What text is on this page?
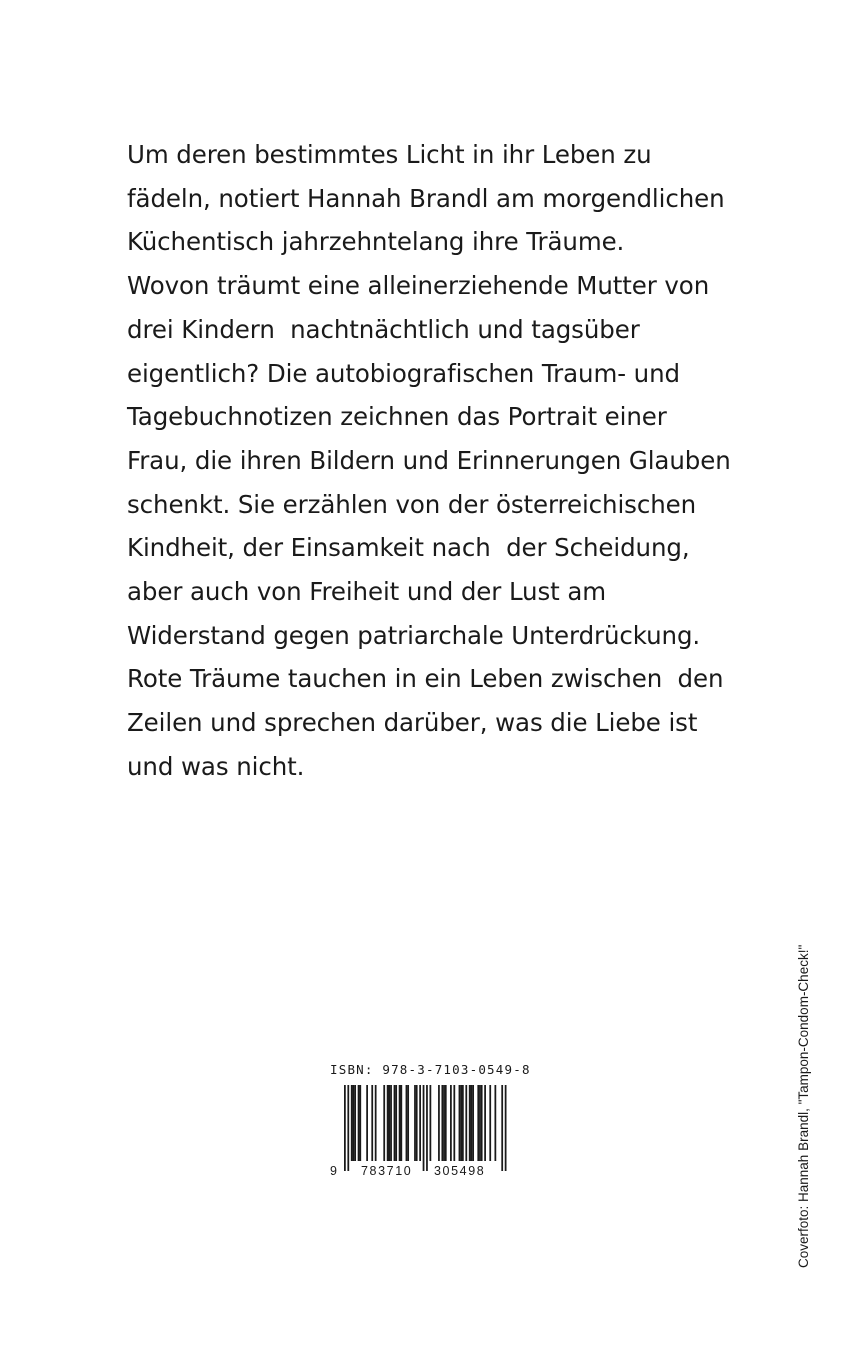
Um deren bestimmtes Licht in ihr Leben zu
fädeln, notiert Hannah Brandl am morgendlichen
Küchentisch jahrzehntelang ihre Träume.
Wovon träumt eine alleinerziehende Mutter von
drei Kindern  nachtnächtlich und tagsüber
eigentlich? Die autobiografischen Traum- und
Tagebuchnotizen zeichnen das Portrait einer
Frau, die ihren Bildern und Erinnerungen Glauben
schenkt. Sie erzählen von der österreichischen
Kindheit, der Einsamkeit nach  der Scheidung,
aber auch von Freiheit und der Lust am
Widerstand gegen patriarchale Unterdrückung.
Rote Träume tauchen in ein Leben zwischen  den
Zeilen und sprechen darüber, was die Liebe ist
und was nicht.
ISBN: 978-3-7103-0549-8
9 783710 305498	Coverfoto: Hannah Brandl, "Tampon-Condom-Check!"
